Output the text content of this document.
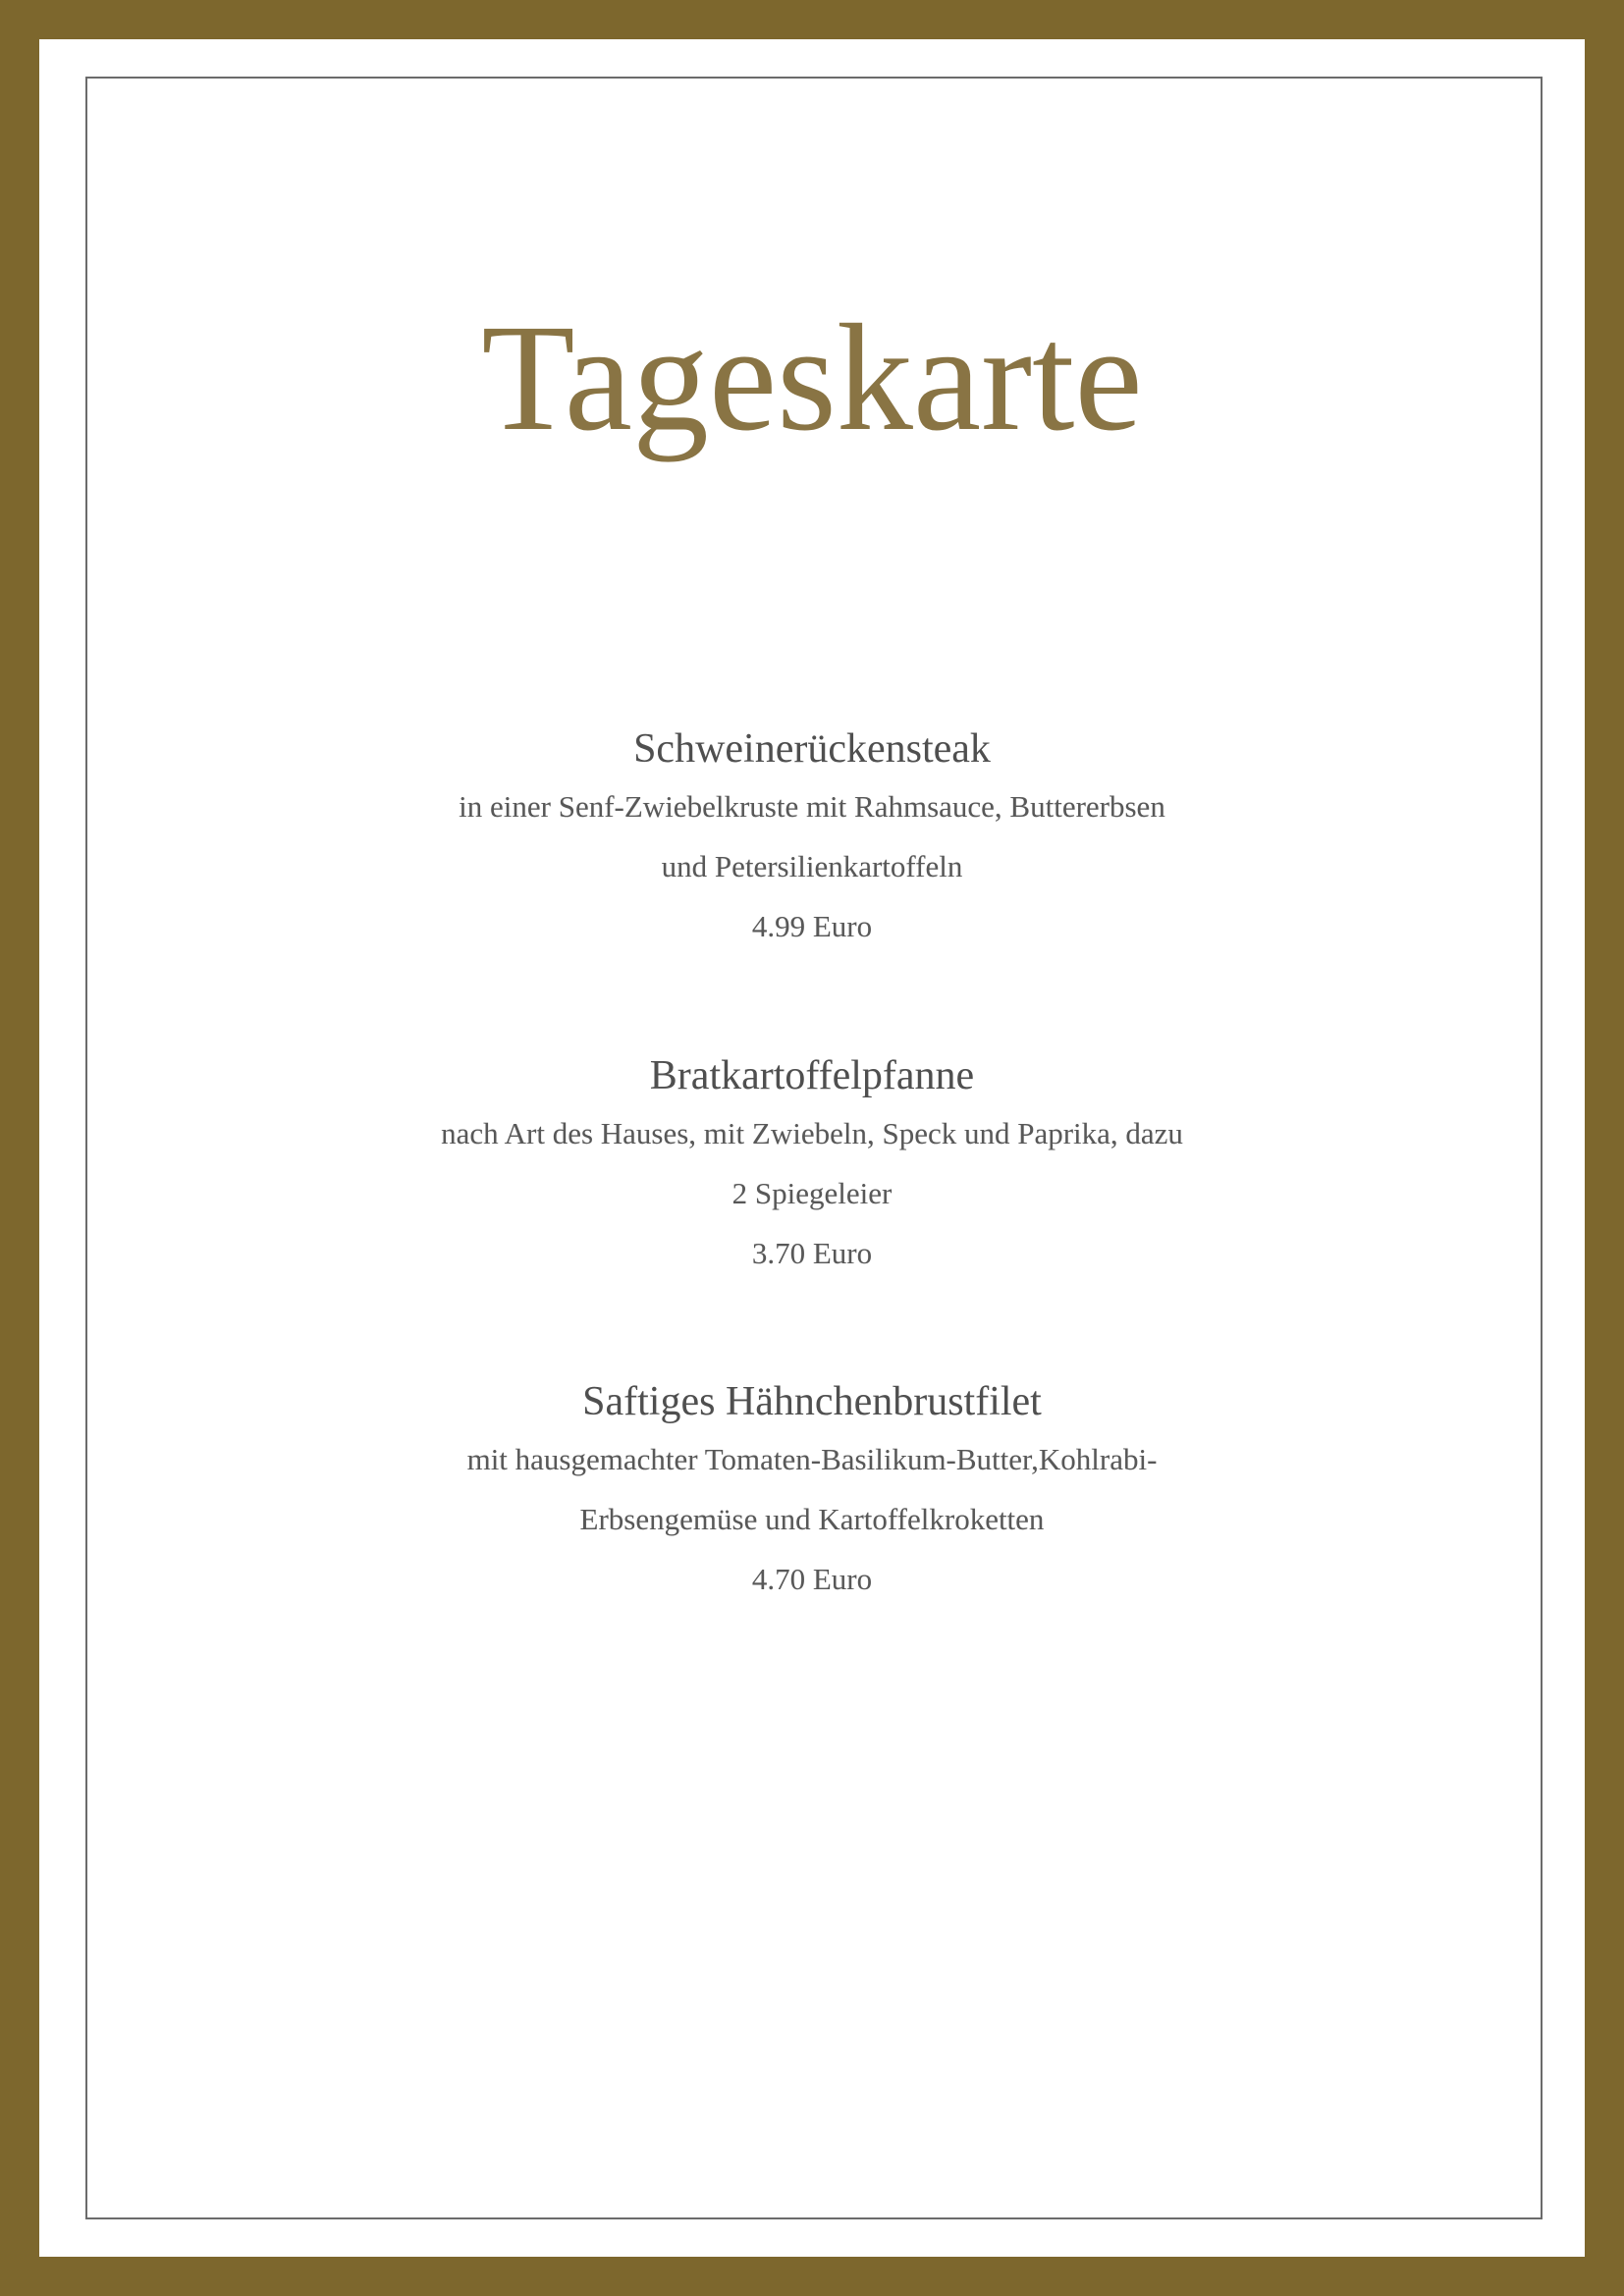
Tageskarte
Schweinerückensteak
in einer Senf-Zwiebelkruste mit Rahmsauce, Buttererbsen
und Petersilienkartoffeln
4.99 Euro
Bratkartoffelpfanne
nach Art des Hauses, mit Zwiebeln, Speck und Paprika, dazu
2 Spiegeleier
3.70 Euro
Saftiges Hähnchenbrustfilet
mit hausgemachter Tomaten-Basilikum-Butter,Kohlrabi-
Erbsengemüse und Kartoffelkroketten
4.70 Euro
